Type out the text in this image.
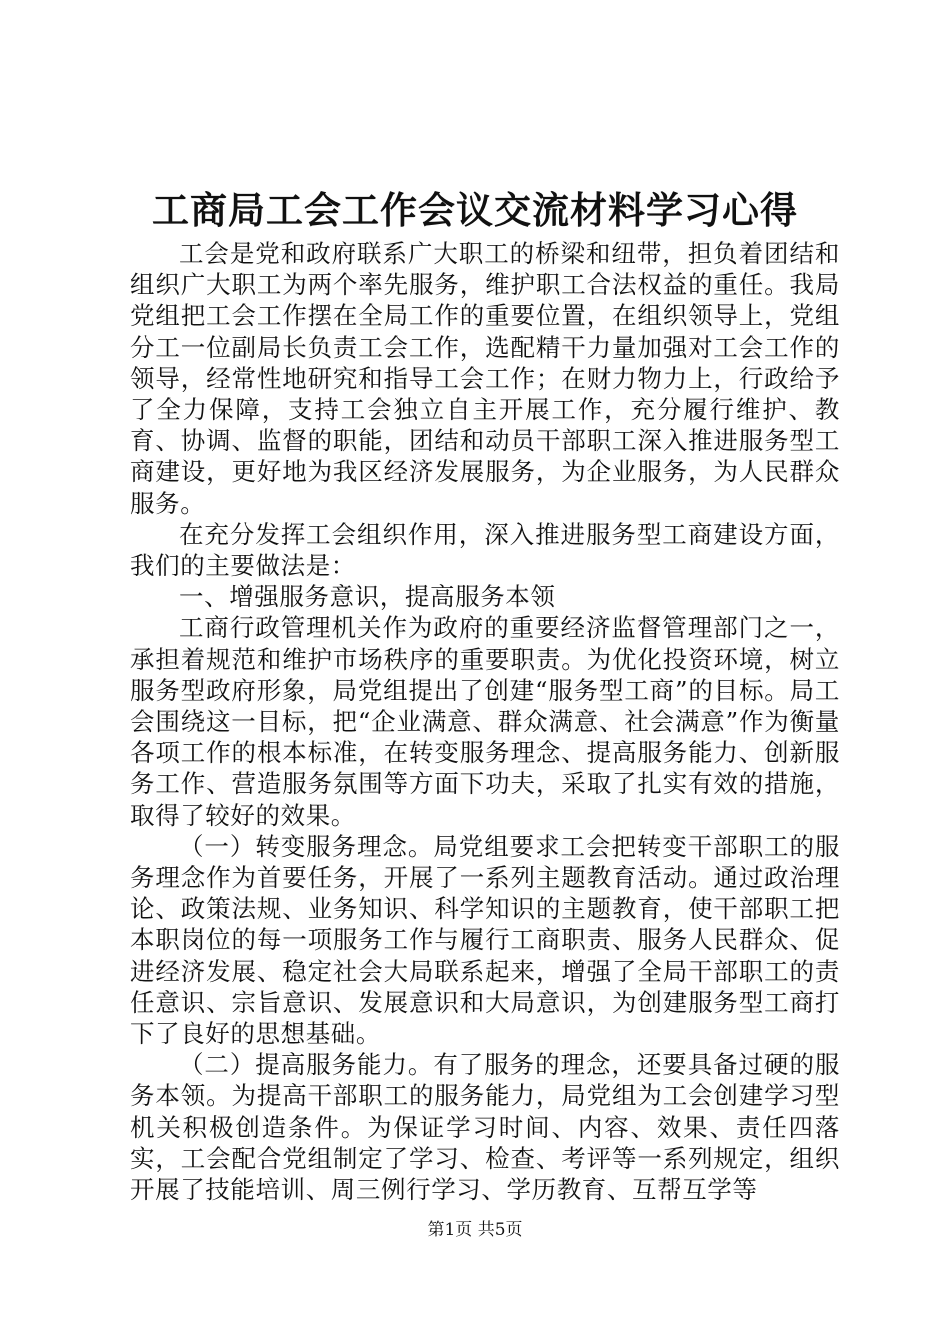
工商局工会工作会议交流材料学习心得

工会是党和政府联系广大职工的桥梁和纽带，担负着团结和组织广大职工为两个率先服务，维护职工合法权益的重任。我局党组把工会工作摆在全局工作的重要位置，在组织领导上，党组分工一位副局长负责工会工作，选配精干力量加强对工会工作的领导，经常性地研究和指导工会工作；在财力物力上，行政给予了全力保障，支持工会独立自主开展工作，充分履行维护、教育、协调、监督的职能，团结和动员干部职工深入推进服务型工商建设，更好地为我区经济发展服务，为企业服务，为人民群众服务。

在充分发挥工会组织作用，深入推进服务型工商建设方面，我们的主要做法是：

一、增强服务意识，提高服务本领

工商行政管理机关作为政府的重要经济监督管理部门之一，承担着规范和维护市场秩序的重要职责。为优化投资环境，树立服务型政府形象，局党组提出了创建“服务型工商”的目标。局工会围绕这一目标，把“企业满意、群众满意、社会满意”作为衡量各项工作的根本标准，在转变服务理念、提高服务能力、创新服务工作、营造服务氛围等方面下功夫，采取了扎实有效的措施，取得了较好的效果。

（一）转变服务理念。局党组要求工会把转变干部职工的服务理念作为首要任务，开展了一系列主题教育活动。通过政治理论、政策法规、业务知识、科学知识的主题教育，使干部职工把本职岗位的每一项服务工作与履行工商职责、服务人民群众、促进经济发展、稳定社会大局联系起来，增强了全局干部职工的责任意识、宗旨意识、发展意识和大局意识，为创建服务型工商打下了良好的思想基础。

（二）提高服务能力。有了服务的理念，还要具备过硬的服务本领。为提高干部职工的服务能力，局党组为工会创建学习型机关积极创造条件。为保证学习时间、内容、效果、责任四落实，工会配合党组制定了学习、检查、考评等一系列规定，组织开展了技能培训、周三例行学习、学历教育、互帮互学等

第1页 共5页
